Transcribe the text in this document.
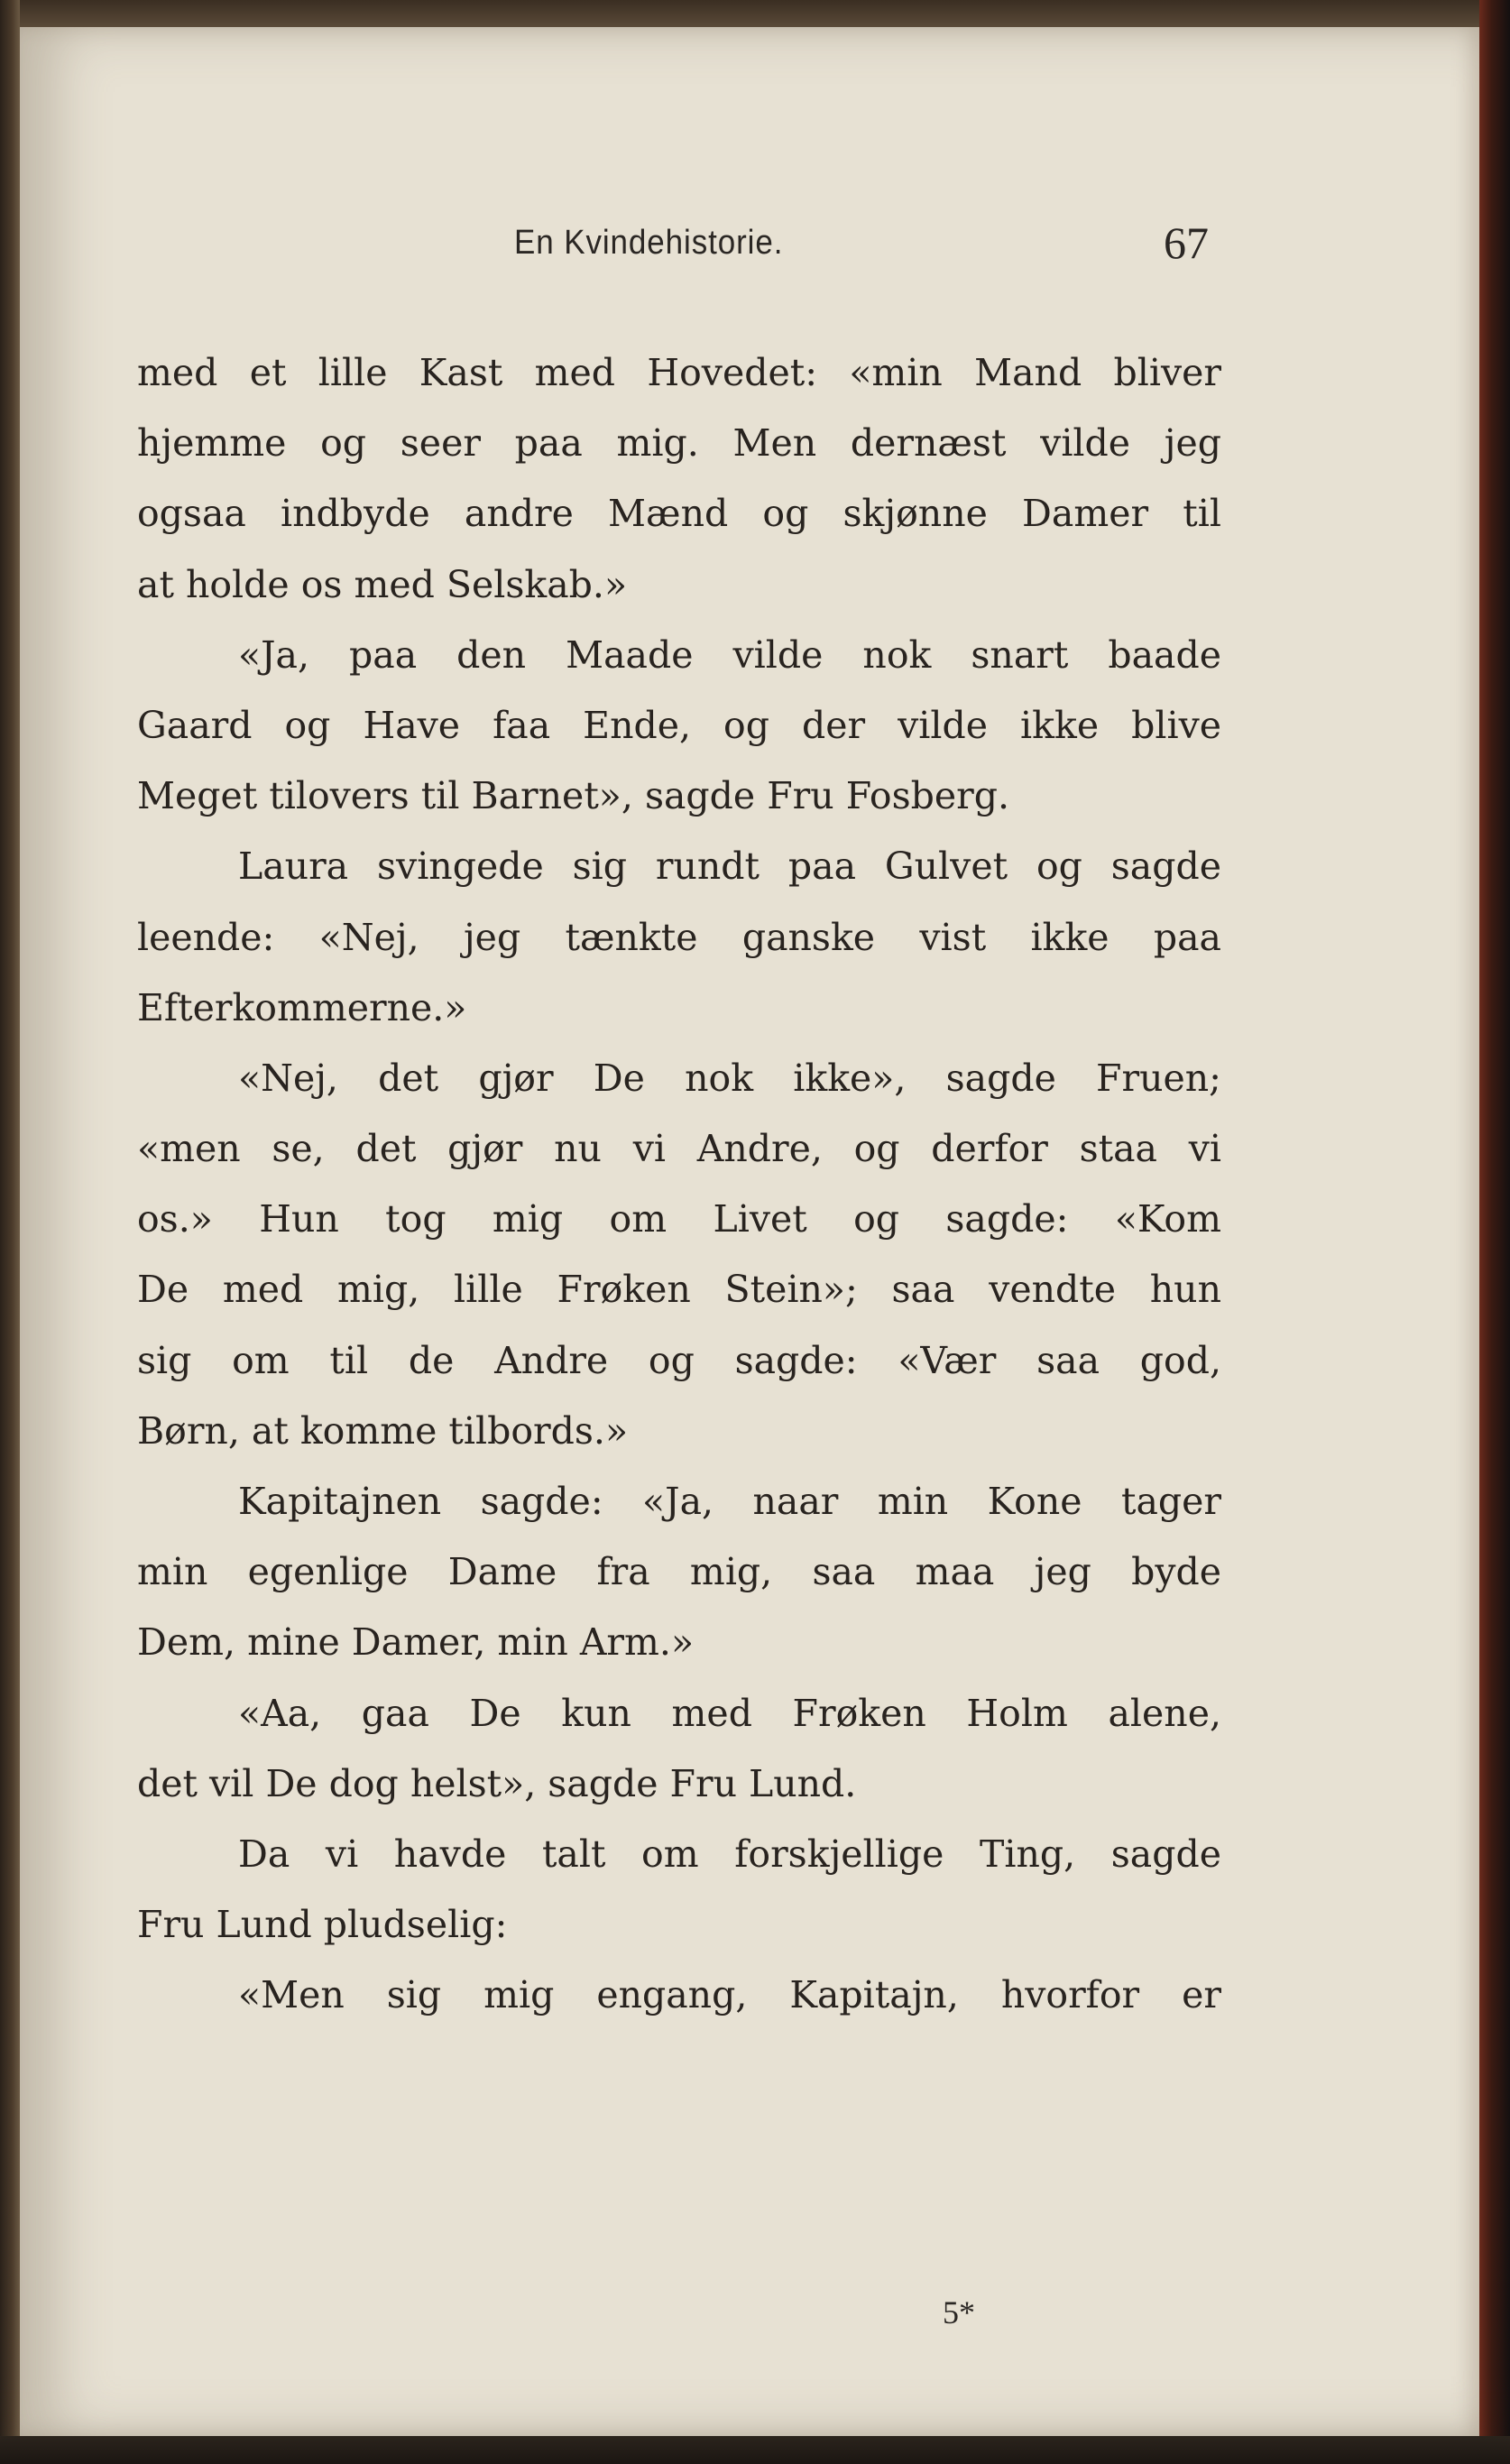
En Kvindehistorie.	67
med et lille Kast med Hovedet: «min Mand bliver
hjemme og seer paa mig. Men dernæst vilde jeg
ogsaa indbyde andre Mænd og skjønne Damer til
at holde os med Selskab.»
«Ja, paa den Maade vilde nok snart baade
Gaard og Have faa Ende, og der vilde ikke blive
Meget tilovers til Barnet», sagde Fru Fosberg.
Laura svingede sig rundt paa Gulvet og sagde
leende: «Nej, jeg tænkte ganske vist ikke paa
Efterkommerne.»
«Nej, det gjør De nok ikke», sagde Fruen;
«men se, det gjør nu vi Andre, og derfor staa vi
os.» Hun tog mig om Livet og sagde: «Kom
De med mig, lille Frøken Stein»; saa vendte hun
sig om til de Andre og sagde: «Vær saa god,
Børn, at komme tilbords.»
Kapitajnen sagde: «Ja, naar min Kone tager
min egenlige Dame fra mig, saa maa jeg byde
Dem, mine Damer, min Arm.»
«Aa, gaa De kun med Frøken Holm alene,
det vil De dog helst», sagde Fru Lund.
Da vi havde talt om forskjellige Ting, sagde
Fru Lund pludselig:
«Men sig mig engang, Kapitajn, hvorfor er
5*
